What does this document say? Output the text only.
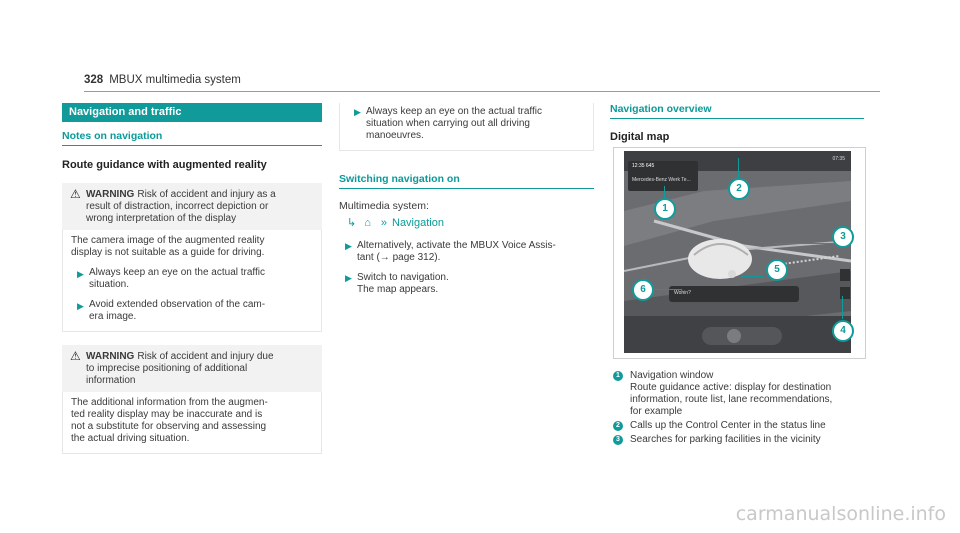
328 MBUX multimedia system
Navigation and traffic
Notes on navigation
Route guidance with augmented reality
⚠ WARNING Risk of accident and injury as a
result of distraction, incorrect depiction or
wrong interpretation of the display
The camera image of the augmented reality
display is not suitable as a guide for driving.
▶ Always keep an eye on the actual traffic
situation.
▶ Avoid extended observation of the cam-
era image.
⚠ WARNING Risk of accident and injury due
to imprecise positioning of additional
information
The additional information from the augmen-
ted reality display may be inaccurate and is
not a substitute for observing and assessing
the actual driving situation.
▶ Always keep an eye on the actual traffic
situation when carrying out all driving
manoeuvres.
Switching navigation on
Multimedia system:
↳ ⌂ » Navigation
▶ Alternatively, activate the MBUX Voice Assis-
tant (→ page 312).
▶ Switch to navigation.
The map appears.
Navigation overview
Digital map
12:35 645
Mercedes-Benz Werk Te...
Wohin?
07:35
1
2
3
4
5
6
1	Navigation window
Route guidance active: display for destination
information, route list, lane recommendations,
for example
2	Calls up the Control Center in the status line
3	Searches for parking facilities in the vicinity
carmanualsonline.info
